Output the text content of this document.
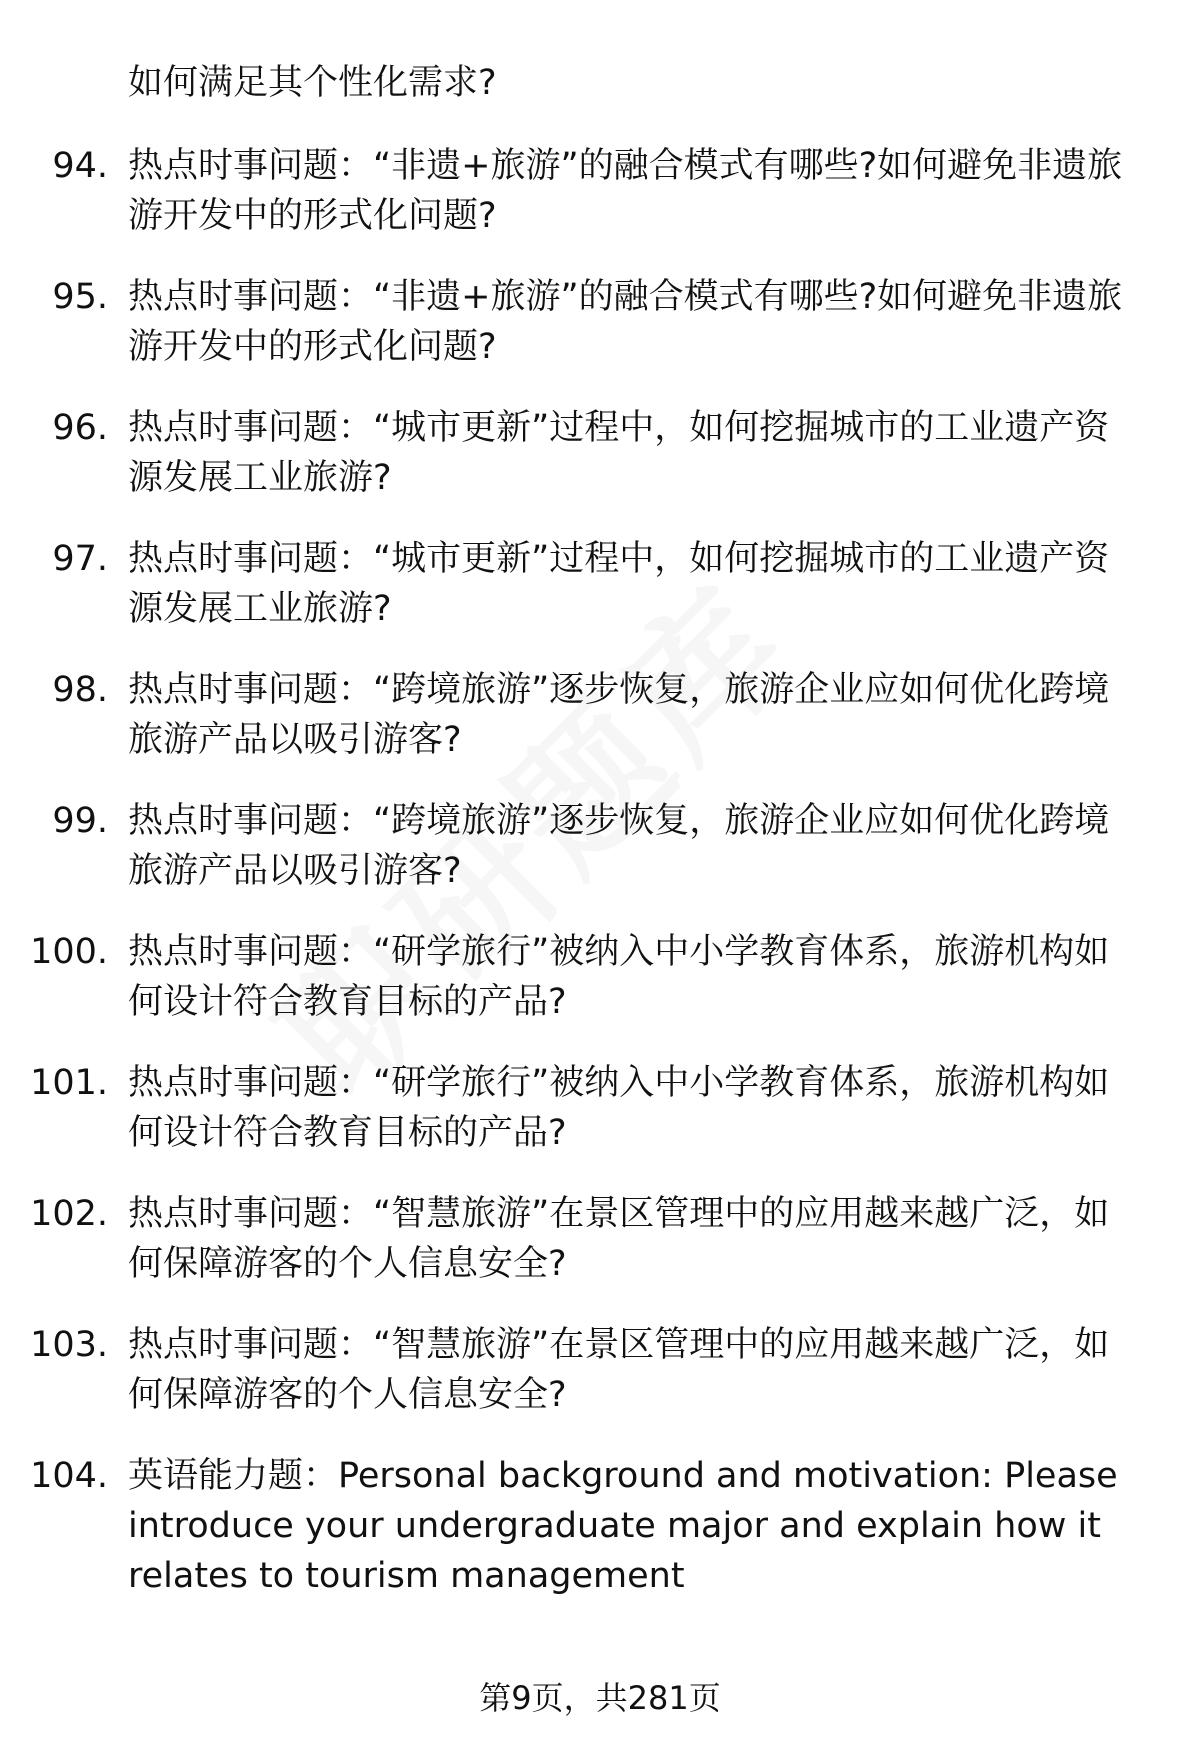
如何满足其个性化需求?
94. 热点时事问题：“非遗+旅游”的融合模式有哪些?如何避免非遗旅游开发中的形式化问题?
95. 热点时事问题：“非遗+旅游”的融合模式有哪些?如何避免非遗旅游开发中的形式化问题?
96. 热点时事问题：“城市更新”过程中，如何挖掘城市的工业遗产资源发展工业旅游?
97. 热点时事问题：“城市更新”过程中，如何挖掘城市的工业遗产资源发展工业旅游?
98. 热点时事问题：“跨境旅游”逐步恢复，旅游企业应如何优化跨境旅游产品以吸引游客?
99. 热点时事问题：“跨境旅游”逐步恢复，旅游企业应如何优化跨境旅游产品以吸引游客?
100. 热点时事问题：“研学旅行”被纳入中小学教育体系，旅游机构如何设计符合教育目标的产品?
101. 热点时事问题：“研学旅行”被纳入中小学教育体系，旅游机构如何设计符合教育目标的产品?
102. 热点时事问题：“智慧旅游”在景区管理中的应用越来越广泛，如何保障游客的个人信息安全?
103. 热点时事问题：“智慧旅游”在景区管理中的应用越来越广泛，如何保障游客的个人信息安全?
104. 英语能力题：Personal background and motivation: Please introduce your undergraduate major and explain how it relates to tourism management
第9页，共281页
